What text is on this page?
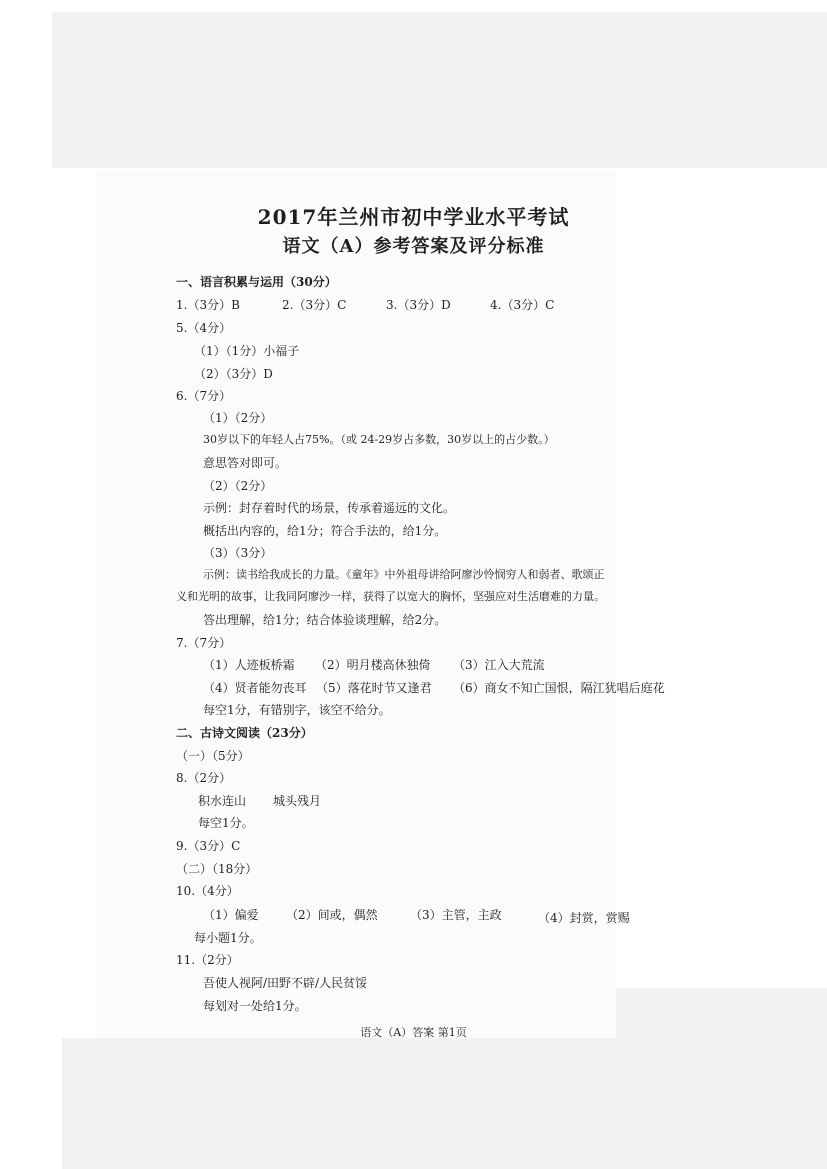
2017年兰州市初中学业水平考试
语文（A）参考答案及评分标准
一、语言积累与运用（30分）
1.（3分）B	2.（3分）C	3.（3分）D	4.（3分）C
5.（4分）
（1）（1分）小福子
（2）（3分）D
6.（7分）
（1）（2分）
30岁以下的年轻人占75%。（或 24-29岁占多数，30岁以上的占少数。）
意思答对即可。
（2）（2分）
示例：封存着时代的场景，传承着遥远的文化。
概括出内容的，给1分；符合手法的，给1分。
（3）（3分）
示例：读书给我成长的力量。《童年》中外祖母讲给阿廖沙怜悯穷人和弱者、歌颂正
义和光明的故事，让我同阿廖沙一样，获得了以宽大的胸怀，坚强应对生活磨难的力量。
答出理解，给1分；结合体验谈理解，给2分。
7.（7分）
（1）人迹板桥霜 （2）明月楼高休独倚 （3）江入大荒流
（4）贤者能勿丧耳 （5）落花时节又逢君 （6）商女不知亡国恨，隔江犹唱后庭花
每空1分，有错别字，该空不给分。
二、古诗文阅读（23分）
（一）（5分）
8.（2分）
积水连山 城头残月
每空1分。
9.（3分）C
（二）（18分）
10.（4分）
（1）偏爱 （2）间或，偶然	（3）主管，主政	（4）封赏，赏赐
每小题1分。
11.（2分）
吾使人视阿/田野不辟/人民贫馁
每划对一处给1分。
语文（A）答案 第1页
